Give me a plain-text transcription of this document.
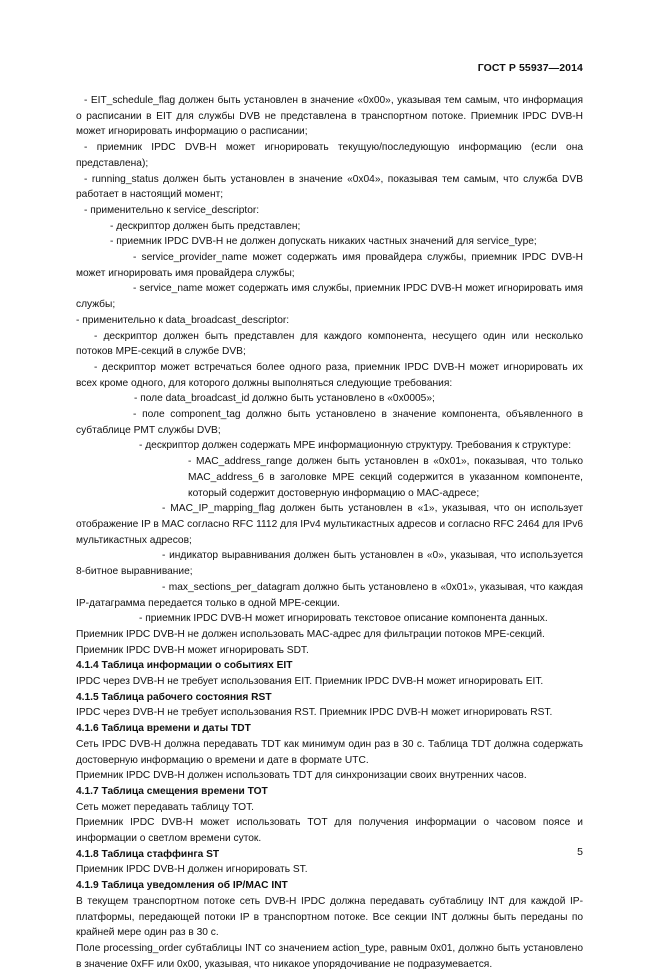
ГОСТ Р 55937—2014

- EIT_schedule_flag должен быть установлен в значение «0x00», указывая тем самым, что информация о расписании в EIT для службы DVB не представлена в транспортном потоке. Приемник IPDC DVB-H может игнорировать информацию о расписании;

- приемник IPDC DVB-H может игнорировать текущую/последующую информацию (если она представлена);

- running_status должен быть установлен в значение «0x04», показывая тем самым, что служба DVB работает в настоящий момент;

- применительно к service_descriptor:

- дескриптор должен быть представлен;

- приемник IPDC DVB-H не должен допускать никаких частных значений для service_type;

- service_provider_name может содержать имя провайдера службы, приемник IPDC DVB-H может игнорировать имя провайдера службы;

- service_name может содержать имя службы, приемник IPDC DVB-H может игнорировать имя службы;

- применительно к data_broadcast_descriptor:

- дескриптор должен быть представлен для каждого компонента, несущего один или несколько потоков MPE-секций в службе DVB;

- дескриптор может встречаться более одного раза, приемник IPDC DVB-H может игнорировать их всех кроме одного, для которого должны выполняться следующие требования:

- поле data_broadcast_id должно быть установлено в «0x0005»;

- поле component_tag должно быть установлено в значение компонента, объявленного в субтаблице PMT службы DVB;

- дескриптор должен содержать MPE информационную структуру. Требования к структуре:

- MAC_address_range должен быть установлен в «0x01», показывая, что только MAC_address_6 в заголовке MPE секций содержится в указанном компоненте, который содержит достоверную информацию о MAC-адресе;

- MAC_IP_mapping_flag должен быть установлен в «1», указывая, что он использует отображение IP в MAC согласно RFC 1112 для IPv4 мультикастных адресов и согласно RFC 2464 для IPv6 мультикастных адресов;

- индикатор выравнивания должен быть установлен в «0», указывая, что используется 8-битное выравнивание;

- max_sections_per_datagram должно быть установлено в «0x01», указывая, что каждая IP-датаграмма передается только в одной MPE-секции.

- приемник IPDC DVB-H может игнорировать текстовое описание компонента данных.

Приемник IPDC DVB-H не должен использовать MAC-адрес для фильтрации потоков MPE-секций.

Приемник IPDC DVB-H может игнорировать SDT.

4.1.4 Таблица информации о событиях EIT

IPDC через DVB-H не требует использования EIT. Приемник IPDC DVB-H может игнорировать EIT.

4.1.5 Таблица рабочего состояния RST

IPDC через DVB-H не требует использования RST. Приемник IPDC DVB-H может игнорировать RST.

4.1.6 Таблица времени и даты TDT

Сеть IPDC DVB-H должна передавать TDT как минимум один раз в 30 с. Таблица TDT должна содержать достоверную информацию о времени и дате в формате UTC.

Приемник IPDC DVB-H должен использовать TDT для синхронизации своих внутренних часов.

4.1.7 Таблица смещения времени TOT

Сеть может передавать таблицу TOT.

Приемник IPDC DVB-H может использовать TOT для получения информации о часовом поясе и информации о светлом времени суток.

4.1.8 Таблица стаффинга ST

Приемник IPDC DVB-H должен игнорировать ST.

4.1.9 Таблица уведомления об IP/MAC INT

В текущем транспортном потоке сеть DVB-H IPDC должна передавать субтаблицу INT для каждой IP-платформы, передающей потоки IP в транспортном потоке. Все секции INT должны быть переданы по крайней мере один раз в 30 с.

Поле processing_order субтаблицы INT со значением action_type, равным 0x01, должно быть установлено в значение 0xFF или 0x00, указывая, что никакое упорядочивание не подразумевается.

5
